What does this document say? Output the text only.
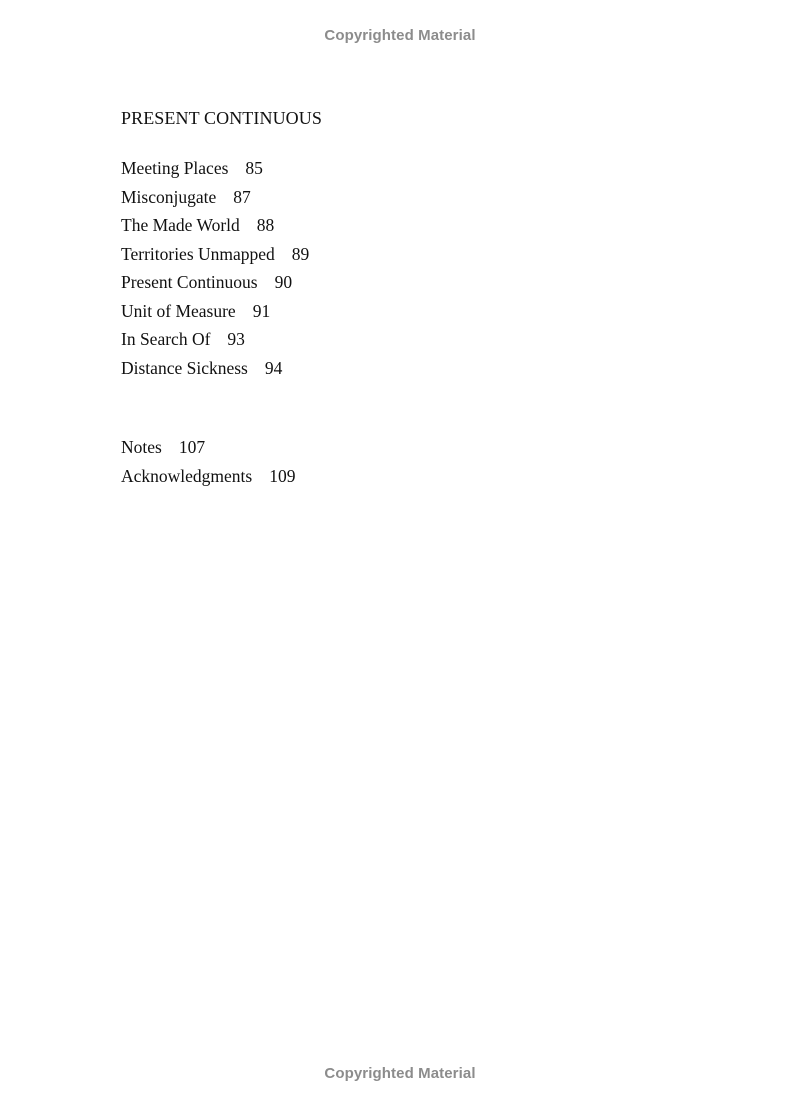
Copyrighted Material
PRESENT CONTINUOUS
Meeting Places 85
Misconjugate 87
The Made World 88
Territories Unmapped 89
Present Continuous 90
Unit of Measure 91
In Search Of 93
Distance Sickness 94
Notes 107
Acknowledgments 109
Copyrighted Material
